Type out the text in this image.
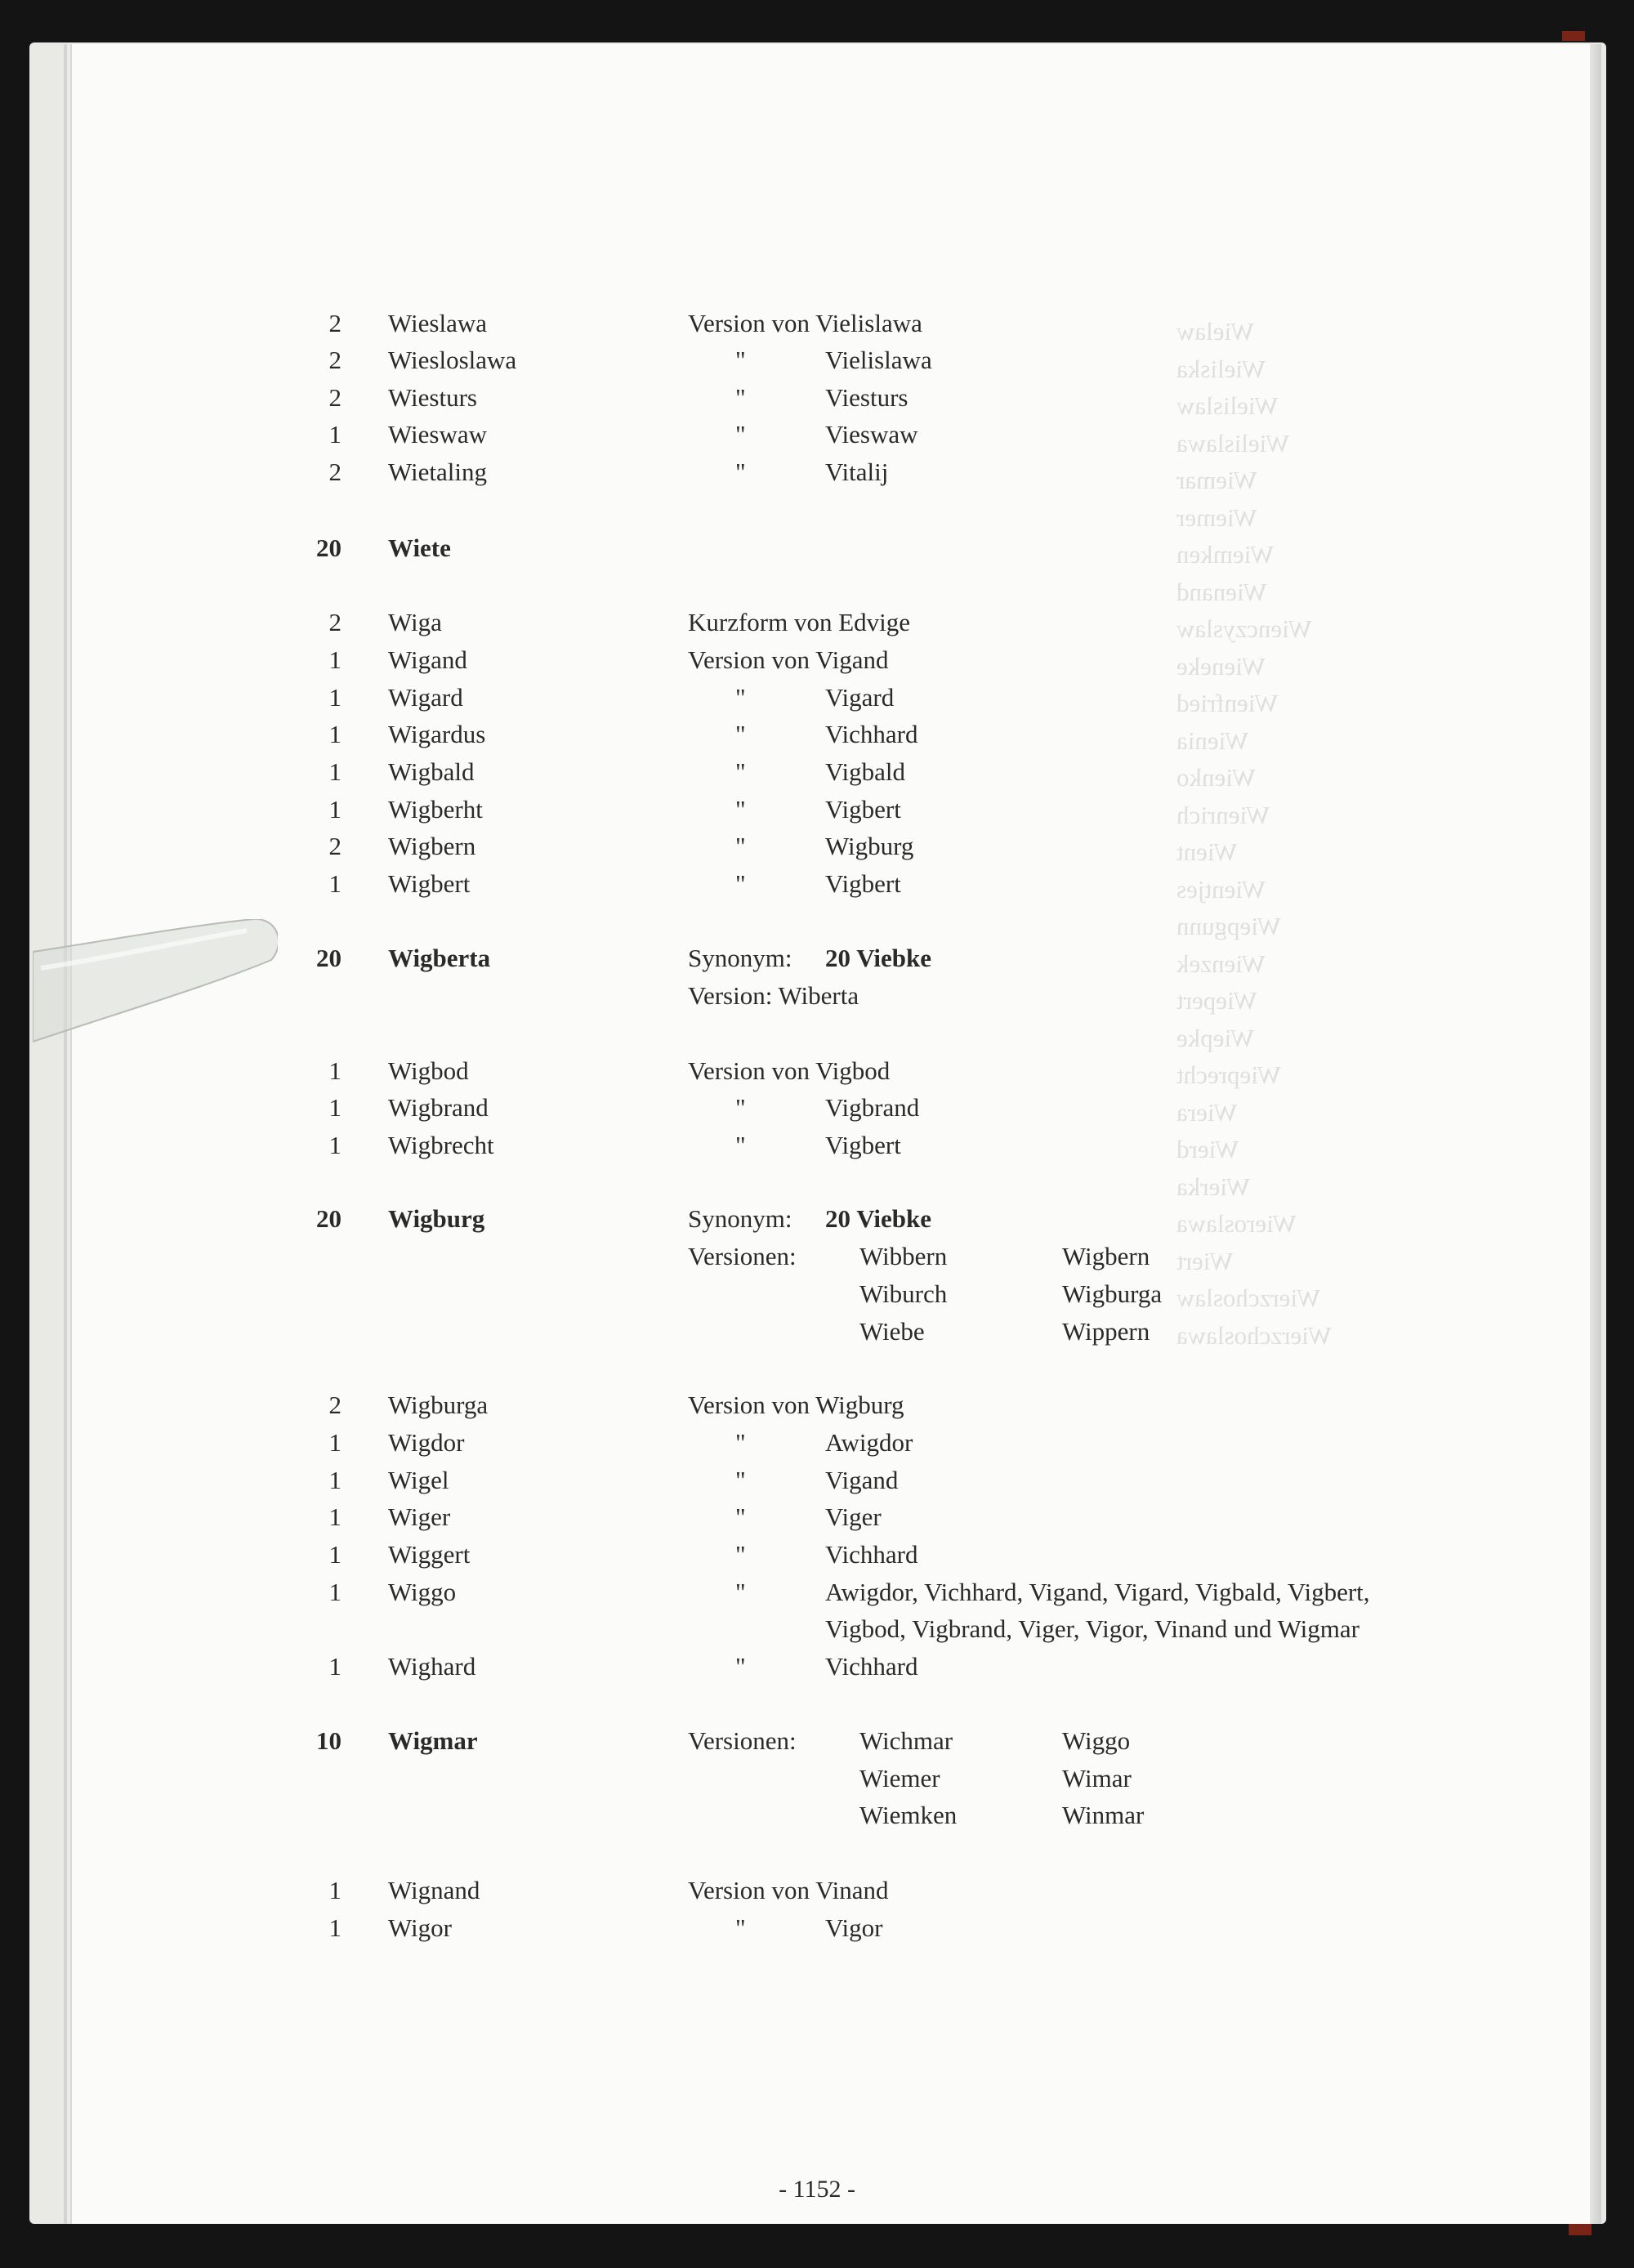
Wielaw
Wieliska
Wielislaw
Wielislawa
Wiemar
Wiemer
Wiemken
Wienand
Wienczyslaw
Wieneke
Wienfried
Wienia
Wienko
Wienrich
Wient
Wientjes
Wiepgunn
Wienzek
Wiepert
Wiepke
Wieprecht
Wiera
Wierd
Wierka
Wieroslawa
Wiert
Wierzchoslaw
Wierzchoslawa
2 Wieslawa	Version von Vielislawa
2 Wiesloslawa	"	Vielislawa
2 Wiesturs	"	Viesturs
1 Wieswaw	"	Vieswaw
2 Wietaling	"	Vitalij
20 Wiete
2 Wiga	Kurzform von Edvige
1 Wigand	Version von Vigand
1 Wigard	"	Vigard
1 Wigardus	"	Vichhard
1 Wigbald	"	Vigbald
1 Wigberht	"	Vigbert
2 Wigbern	"	Wigburg
1 Wigbert	"	Vigbert
20 Wigberta	Synonym: 20 Viebke
Version: Wiberta
1 Wigbod	Version von Vigbod
1 Wigbrand	"	Vigbrand
1 Wigbrecht	"	Vigbert
20 Wigburg	Synonym: 20 Viebke
Versionen: Wibbern	Wigbern
Wiburch	Wigburga
Wiebe	Wippern
2 Wigburga	Version von Wigburg
1 Wigdor	"	Awigdor
1 Wigel	"	Vigand
1 Wiger	"	Viger
1 Wiggert	"	Vichhard
1 Wiggo	"	Awigdor, Vichhard, Vigand, Vigard, Vigbald, Vigbert,
Vigbod, Vigbrand, Viger, Vigor, Vinand und Wigmar
1 Wighard	"	Vichhard
10 Wigmar	Versionen: Wichmar	Wiggo
Wiemer	Wimar
Wiemken	Winmar
1 Wignand	Version von Vinand
1 Wigor	"	Vigor
- 1152 -
